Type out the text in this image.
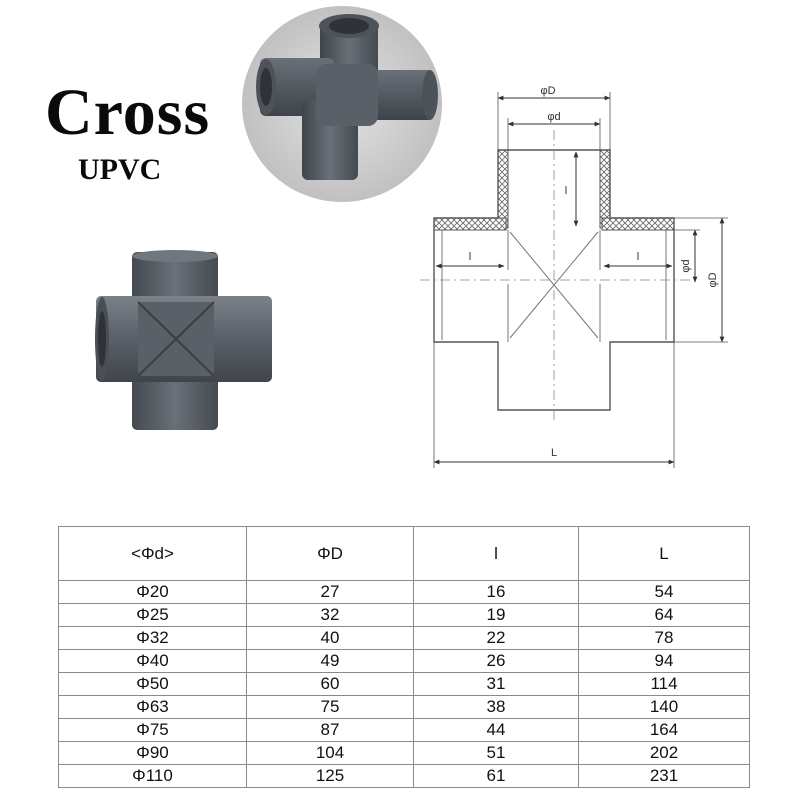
Cross
UPVC
φD
φd
l
l	l
φd
φD
L
<Φd>	ΦD	l	L
Φ20	27	16	54
Φ25	32	19	64
Φ32	40	22	78
Φ40	49	26	94
Φ50	60	31	114
Φ63	75	38	140
Φ75	87	44	164
Φ90	104	51	202
Φ110	125	61	231
